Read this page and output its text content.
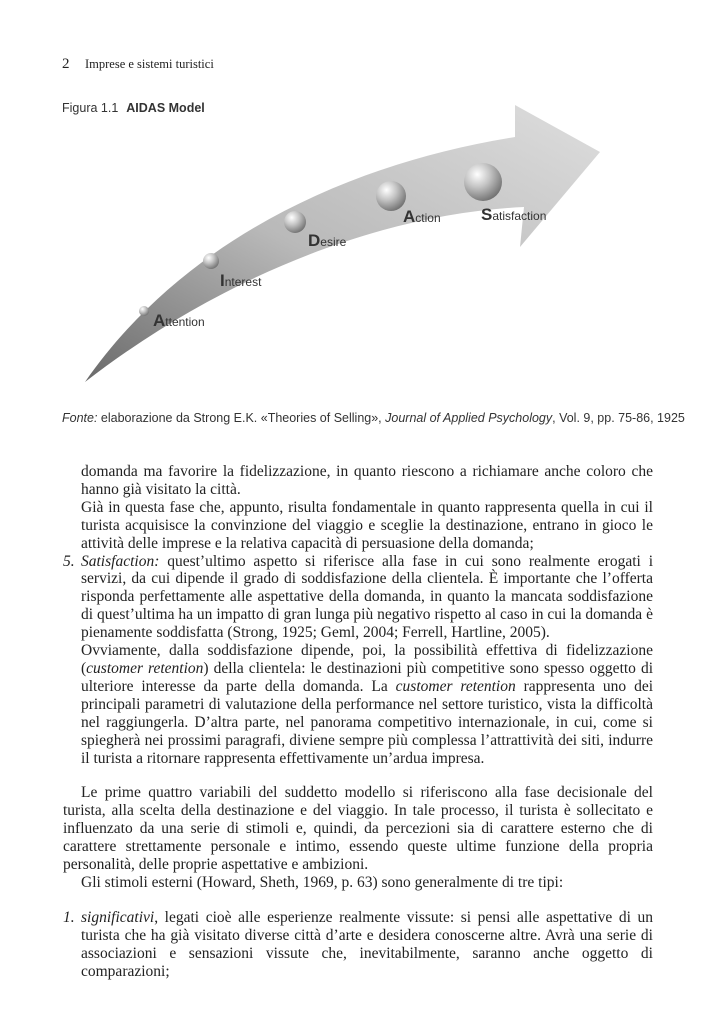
2 Imprese e sistemi turistici
Figura 1.1 AIDAS Model
Attention
Interest
Desire
Action Satisfaction
Fonte: elaborazione da Strong E.K. «Theories of Selling», Journal of Applied Psychology, Vol. 9, pp. 75-86, 1925

domanda ma favorire la fidelizzazione, in quanto riescono a richiamare anche coloro che hanno già visitato la città.

Già in questa fase che, appunto, risulta fondamentale in quanto rappresenta quella in cui il turista acquisisce la convinzione del viaggio e sceglie la destinazione, entrano in gioco le attività delle imprese e la relativa capacità di persuasione della domanda;

5. Satisfaction: quest’ultimo aspetto si riferisce alla fase in cui sono realmente erogati i servizi, da cui dipende il grado di soddisfazione della clientela. È importante che l’offerta risponda perfettamente alle aspettative della domanda, in quanto la mancata soddisfazione di quest’ultima ha un impatto di gran lunga più negativo rispetto al caso in cui la domanda è pienamente soddisfatta (Strong, 1925; Geml, 2004; Ferrell, Hartline, 2005).

Ovviamente, dalla soddisfazione dipende, poi, la possibilità effettiva di fidelizzazione (customer retention) della clientela: le destinazioni più competitive sono spesso oggetto di ulteriore interesse da parte della domanda. La customer retention rappresenta uno dei principali parametri di valutazione della performance nel settore turistico, vista la difficoltà nel raggiungerla. D’altra parte, nel panorama competitivo internazionale, in cui, come si spiegherà nei prossimi paragrafi, diviene sempre più complessa l’attrattività dei siti, indurre il turista a ritornare rappresenta effettivamente un’ardua impresa.

Le prime quattro variabili del suddetto modello si riferiscono alla fase decisionale del turista, alla scelta della destinazione e del viaggio. In tale processo, il turista è sollecitato e influenzato da una serie di stimoli e, quindi, da percezioni sia di carattere esterno che di carattere strettamente personale e intimo, essendo queste ultime funzione della propria personalità, delle proprie aspettative e ambizioni.

Gli stimoli esterni (Howard, Sheth, 1969, p. 63) sono generalmente di tre tipi:

1. significativi, legati cioè alle esperienze realmente vissute: si pensi alle aspettative di un turista che ha già visitato diverse città d’arte e desidera conoscerne altre. Avrà una serie di associazioni e sensazioni vissute che, inevitabilmente, saranno anche oggetto di comparazioni;
